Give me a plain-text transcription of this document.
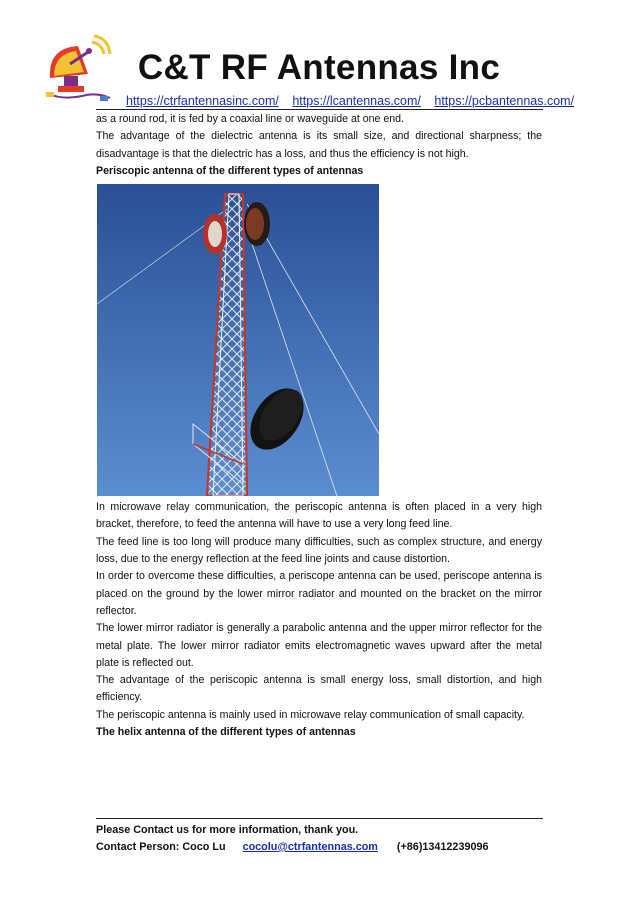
C&T RF Antennas Inc
https://ctrfantennasinc.com/ https://lcantennas.com/ https://pcbantennas.com/

as a round rod, it is fed by a coaxial line or waveguide at one end.

The advantage of the dielectric antenna is its small size, and directional sharpness; the disadvantage is that the dielectric has a loss, and thus the efficiency is not high.

Periscopic antenna of the different types of antennas

In microwave relay communication, the periscopic antenna is often placed in a very high bracket, therefore, to feed the antenna will have to use a very long feed line.

The feed line is too long will produce many difficulties, such as complex structure, and energy loss, due to the energy reflection at the feed line joints and cause distortion.

In order to overcome these difficulties, a periscope antenna can be used, periscope antenna is placed on the ground by the lower mirror radiator and mounted on the bracket on the mirror reflector.

The lower mirror radiator is generally a parabolic antenna and the upper mirror reflector for the metal plate. The lower mirror radiator emits electromagnetic waves upward after the metal plate is reflected out.

The advantage of the periscopic antenna is small energy loss, small distortion, and high efficiency.

The periscopic antenna is mainly used in microwave relay communication of small capacity.

The helix antenna of the different types of antennas

Please Contact us for more information, thank you.
Contact Person: Coco Lu cocolu@ctrfantennas.com (+86)13412239096
